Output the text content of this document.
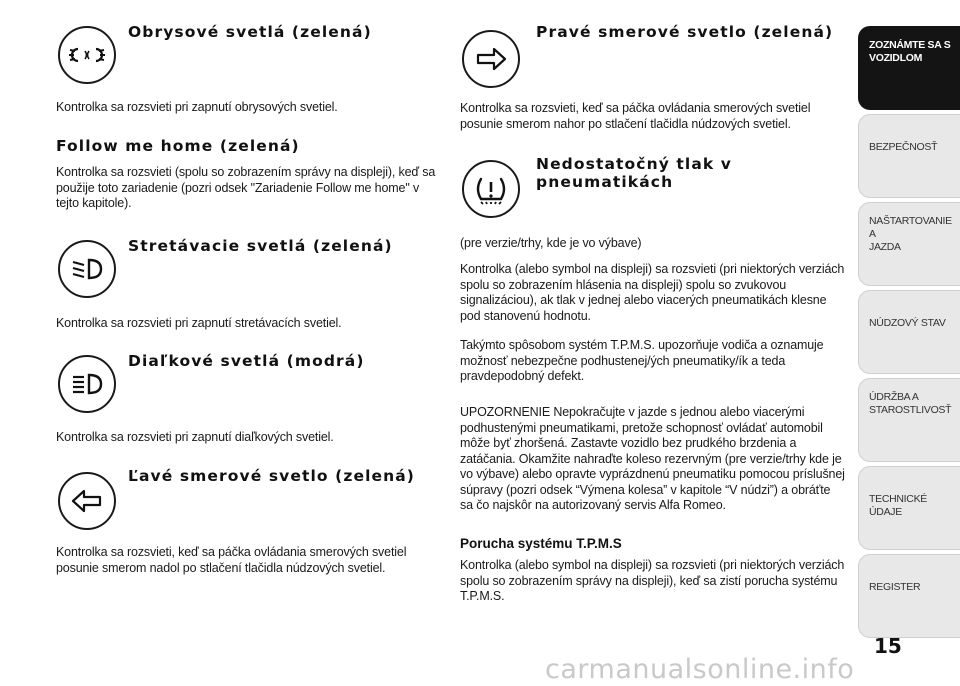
Obrysové svetlá (zelená)
Kontrolka sa rozsvieti pri zapnutí obrysových svetiel.
Follow me home (zelená)
Kontrolka sa rozsvieti (spolu so zobrazením správy na displeji), keď sa použije toto zariadenie (pozri odsek "Zariadenie Follow me home" v tejto kapitole).
Stretávacie svetlá (zelená)
Kontrolka sa rozsvieti pri zapnutí stretávacích svetiel.
Diaľkové svetlá (modrá)
Kontrolka sa rozsvieti pri zapnutí diaľkových svetiel.
Ľavé smerové svetlo (zelená)
Kontrolka sa rozsvieti, keď sa páčka ovládania smerových svetiel posunie smerom nadol po stlačení tlačidla núdzových svetiel.
Pravé smerové svetlo (zelená)
Kontrolka sa rozsvieti, keď sa páčka ovládania smerových svetiel posunie smerom nahor po stlačení tlačidla núdzových svetiel.
Nedostatočný tlak v
pneumatikách
(pre verzie/trhy, kde je vo výbave)
Kontrolka (alebo symbol na displeji) sa rozsvieti (pri niektorých verziách spolu so zobrazením hlásenia na displeji) spolu so zvukovou signalizáciou), ak tlak v jednej alebo viacerých pneumatikách klesne pod stanovenú hodnotu.
Takýmto spôsobom systém T.P.M.S. upozorňuje vodiča a oznamuje možnosť nebezpečne podhustenej/ých pneumatiky/ík a teda pravdepodobný defekt.
UPOZORNENIE Nepokračujte v jazde s jednou alebo viacerými podhustenými pneumatikami, pretože schopnosť ovládať automobil môže byť zhoršená. Zastavte vozidlo bez prudkého brzdenia a zatáčania. Okamžite nahraďte koleso rezervným (pre verzie/trhy kde je vo výbave) alebo opravte vyprázdnenú pneumatiku pomocou príslušnej súpravy (pozri odsek “Výmena kolesa” v kapitole “V núdzi”) a obráťte sa čo najskôr na autorizovaný servis Alfa Romeo.
Porucha systému T.P.M.S
Kontrolka (alebo symbol na displeji) sa rozsvieti (pri niektorých verziách spolu so zobrazením správy na displeji), keď sa zistí porucha systému T.P.M.S.
ZOZNÁMTE SA S
VOZIDLOM
BEZPEČNOSŤ
NAŠTARTOVANIE A
JAZDA
NÚDZOVÝ STAV
ÚDRŽBA A
STAROSTLIVOSŤ
TECHNICKÉ ÚDAJE
REGISTER
15
carmanualsonline.info
